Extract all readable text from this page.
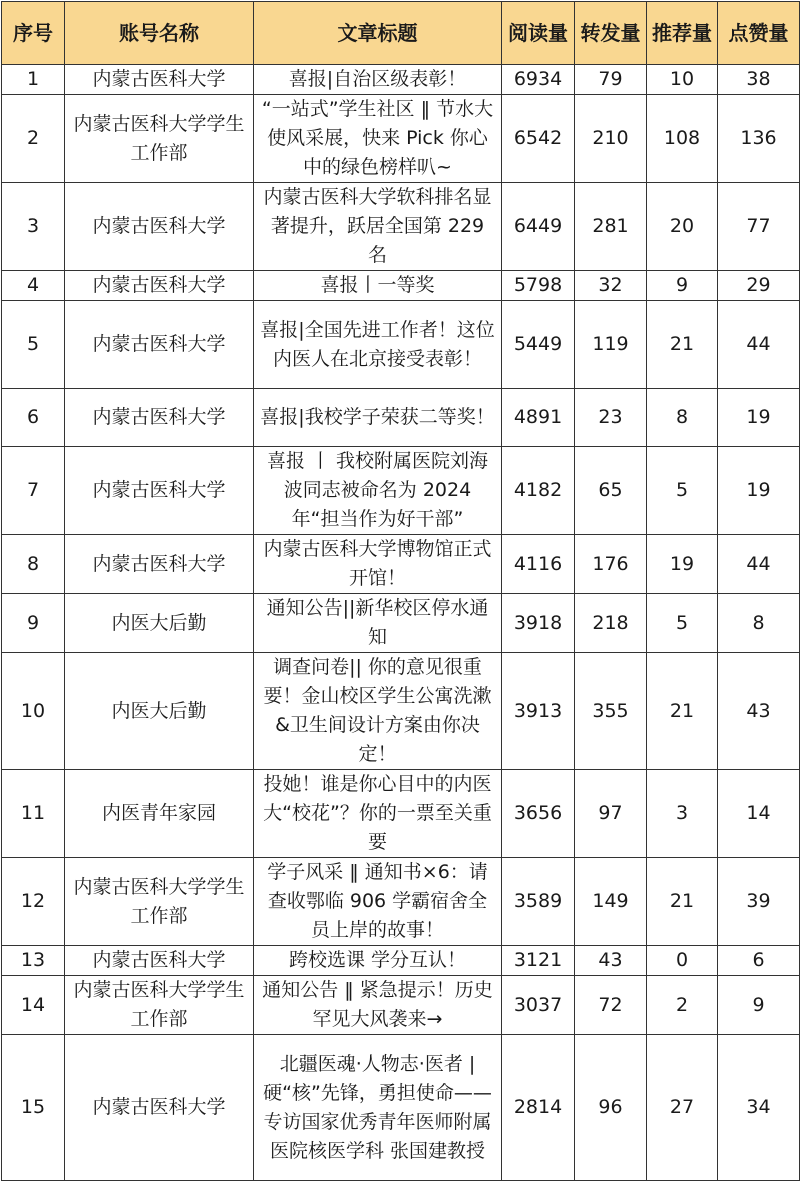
序号	账号名称	文章标题	阅读量	转发量	推荐量	点赞量
1	内蒙古医科大学	喜报|自治区级表彰！	6934	79	10	38
2	内蒙古医科大学学生工作部	“一站式”学生社区 ‖ 节水大使风采展，快来 Pick 你心中的绿色榜样叭~	6542	210	108	136
3	内蒙古医科大学	内蒙古医科大学软科排名显著提升，跃居全国第 229 名	6449	281	20	77
4	内蒙古医科大学	喜报丨一等奖	5798	32	9	29
5	内蒙古医科大学	喜报|全国先进工作者！这位内医人在北京接受表彰！	5449	119	21	44
6	内蒙古医科大学	喜报|我校学子荣获二等奖！	4891	23	8	19
7	内蒙古医科大学	喜报 丨 我校附属医院刘海波同志被命名为 2024 年“担当作为好干部”	4182	65	5	19
8	内蒙古医科大学	内蒙古医科大学博物馆正式开馆！	4116	176	19	44
9	内医大后勤	通知公告||新华校区停水通知	3918	218	5	8
10	内医大后勤	调查问卷|| 你的意见很重要！金山校区学生公寓洗漱&卫生间设计方案由你决定！	3913	355	21	43
11	内医青年家园	投她！谁是你心目中的内医大“校花”？你的一票至关重要	3656	97	3	14
12	内蒙古医科大学学生工作部	学子风采 ‖ 通知书×6：请查收鄂临 906 学霸宿舍全员上岸的故事！	3589	149	21	39
13	内蒙古医科大学	跨校选课 学分互认！	3121	43	0	6
14	内蒙古医科大学学生工作部	通知公告 ‖ 紧急提示！历史罕见大风袭来→	3037	72	2	9
15	内蒙古医科大学	北疆医魂·人物志·医者 | 硬“核”先锋，勇担使命——专访国家优秀青年医师附属医院核医学科 张国建教授	2814	96	27	34
